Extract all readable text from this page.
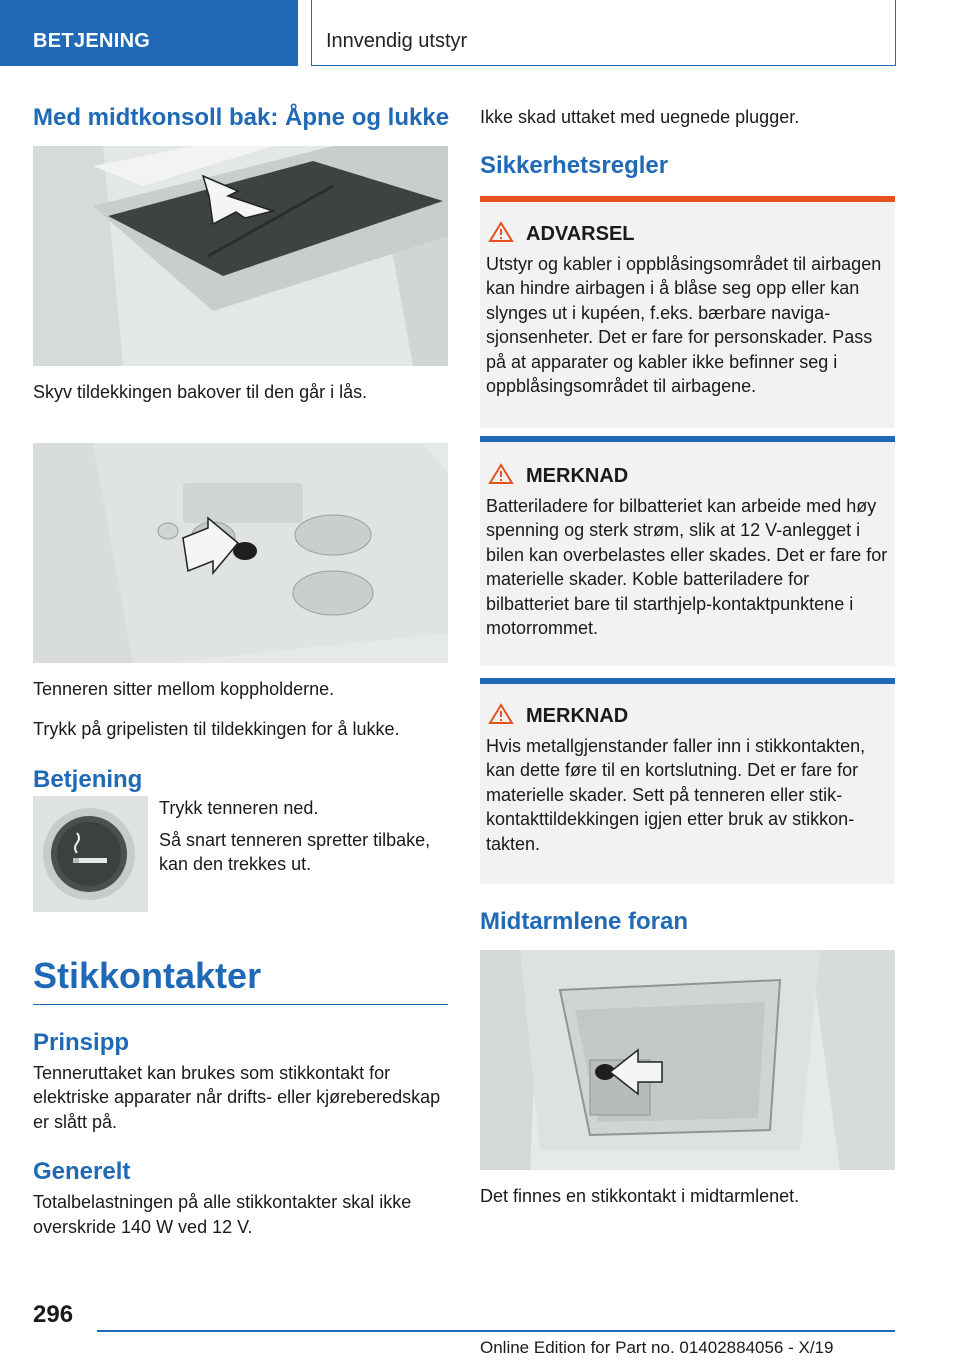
BETJENING	Innvendig utstyr
Med midtkonsoll bak: Åpne og lukke

Skyv tildekkingen bakover til den går i lås.

Tenneren sitter mellom koppholderne.

Trykk på gripelisten til tildekkingen for å lukke.

Betjening

Trykk tenneren ned.

Så snart tenneren spretter tilbake, kan den trekkes ut.

Stikkontakter
Prinsipp

Tenneruttaket kan brukes som stikkontakt for elektriske apparater når drifts- eller kjøreberedskap er slått på.

Generelt

Totalbelastningen på alle stikkontakter skal ikke overskride 140 W ved 12 V.

Ikke skad uttaket med uegnede plugger.

Sikkerhetsregler
ADVARSEL

Utstyr og kabler i oppblåsingsområdet til airbagen kan hindre airbagen i å blåse seg opp eller kan slynges ut i kupéen, f.eks. bærbare navigasjonsenheter. Det er fare for personskader. Pass på at apparater og kabler ikke befinner seg i oppblåsingsområdet til airbagene.

MERKNAD

Batteriladere for bilbatteriet kan arbeide med høy spenning og sterk strøm, slik at 12 V-anlegget i bilen kan overbelastes eller skades. Det er fare for materielle skader. Koble batteriladere for bilbatteriet bare til starthjelp-kontaktpunktene i motorrommet.

MERKNAD

Hvis metallgjenstander faller inn i stikkontakten, kan dette føre til en kortslutning. Det er fare for materielle skader. Sett på tenneren eller stikkontakttildekkingen igjen etter bruk av stikkontakten.

Midtarmlene foran

Det finnes en stikkontakt i midtarmlenet.

296
Online Edition for Part no. 01402884056 - X/19
